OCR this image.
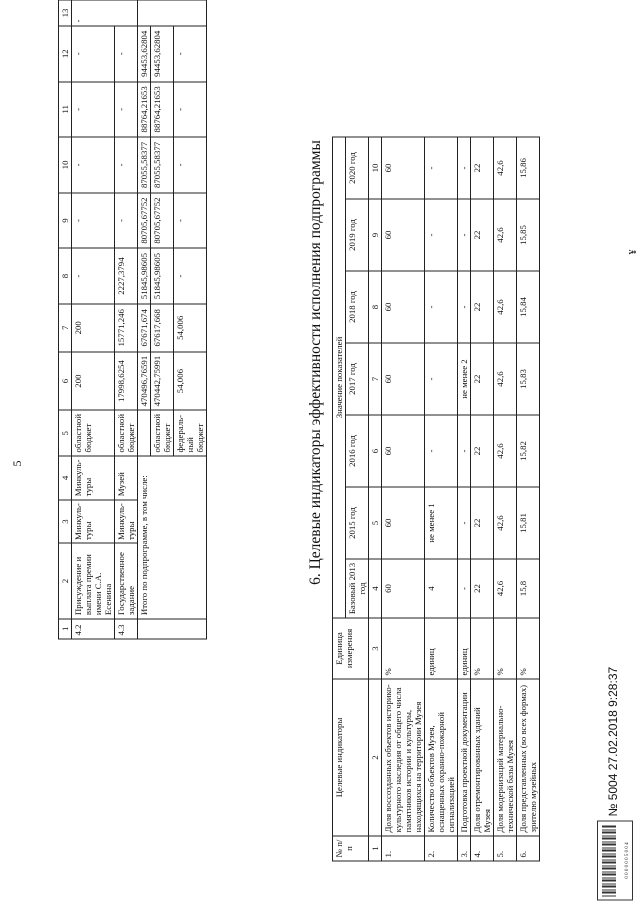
5
1	2	3	4	5	6	7	8	9	10	11	12	13
4.2	Присуждение и выплата премии имени С.А. Есенина	Минкуль-туры	Минкуль-туры	областной бюджет	200	200	-	-	-	-	-	-
4.3	Государственное задание	Минкуль-туры	Музей	областной бюджет	17998,6254	15771,246	2227,3794	-	-	-	-	
	Итого по подпрограмме, в том числе:				470496,76591	67671,674	51845,98605	80705,67752	87055,58377	88764,21653	94453,62804	
				областной бюджет	470442,75991	67617,668	51845,98605	80705,67752	87055,58377	88764,21653	94453,62804	
				федераль-ный бюджет	54,006	54,006	-	-	-	-	-	
6. Целевые индикаторы эффективности исполнения подпрограммы
№ п/п	Целевые индикаторы	Единица измерения	Значение показателей						
			Базовый 2013 год	2015 год	2016 год	2017 год	2018 год	2019 год	2020 год
1	2	3	4	5	6	7	8	9	10
1.	Доля воссозданных объектов историко-культурного наследия от общего числа памятников истории и культуры, находящихся на территории Музея	%	60	60	60	60	60	60	60
2.	Количество объектов Музея, оснащенных охранно-пожарной сигнализацией	единиц	4	не менее 1	-	-	-	-	-
3.	Подготовка проектной документации	единиц	-	-	-	не менее 2	-	-	-
4.	Доля отремонтированных зданий Музея	%	22	22	22	22	22	22	22
5.	Доля модернизаций материально-технической базы Музея	%	42,6	42,6	42,6	42,6	42,6	42,6	42,6
6.	Доля представленных (во всех формах) зрителю музейных	%	15,8	15,81	15,82	15,83	15,84	15,85	15,86
0 0 0 0 0 0 5 0 0 4
№ 5004 27.02.2018 9:28:37
¥
